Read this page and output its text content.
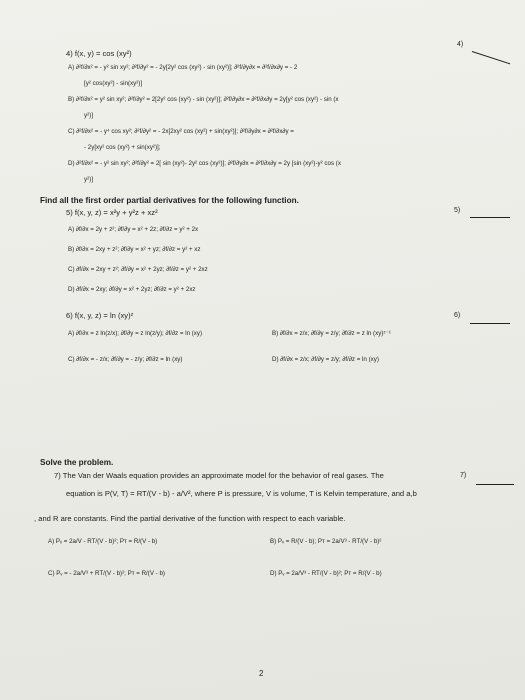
4)
4) f(x, y) = cos (xy²)
A) ∂²f/∂x² = - y² sin xy²; ∂²f/∂y² = - 2y[2y² cos (xy²) - sin (xy²)]; ∂²f/∂y∂x = ∂²f/∂x∂y = - 2
[y² cos(xy²) - sin(xy²)]
B) ∂²f/∂x² = y² sin xy²; ∂²f/∂y² = 2[2y² cos (xy²) - sin (xy²)]; ∂²f/∂y∂x = ∂²f/∂x∂y = 2y[y² cos (xy²) - sin (x
y²)]
C) ∂²f/∂x² = - y⁴ cos xy²; ∂²f/∂y² = - 2x[2xy² cos (xy²) + sin(xy²)]; ∂²f/∂y∂x = ∂²f/∂x∂y =
- 2y[xy² cos (xy²) + sin(xy²)];
D) ∂²f/∂x² = - y² sin xy²; ∂²f/∂y² = 2[ sin (xy²)- 2y² cos (xy²)]; ∂²f/∂y∂x = ∂²f/∂x∂y = 2y [sin (xy²)-y² cos (x
y²)]
Find all the first order partial derivatives for the following function.
5) f(x, y, z) = x²y + y²z + xz²	5)
A) ∂f/∂x = 2y + z²; ∂f/∂y = x² + 2z; ∂f/∂z = y² + 2x
B) ∂f/∂x = 2xy + z²; ∂f/∂y = x² + yz; ∂f/∂z = y² + xz
C) ∂f/∂x = 2xy + z²; ∂f/∂y = x² + 2yz; ∂f/∂z = y² + 2xz
D) ∂f/∂x = 2xy; ∂f/∂y = x² + 2yz; ∂f/∂z = y² + 2xz
6) f(x, y, z) = ln (xy)ᶻ	6)
A) ∂f/∂x = z ln(z/x); ∂f/∂y = z ln(z/y); ∂f/∂z = ln (xy)	B) ∂f/∂x = z/x; ∂f/∂y = z/y; ∂f/∂z = z ln (xy)ᶻ⁻¹
C) ∂f/∂x = - z/x; ∂f/∂y = - z/y; ∂f/∂z = ln (xy)	D) ∂f/∂x = z/x; ∂f/∂y = z/y; ∂f/∂z = ln (xy)
Solve the problem.
7) The Van der Waals equation provides an approximate model for the behavior of real gases. The	7)
equation is P(V, T) = RT/(V - b) - a/V², where P is pressure, V is volume, T is Kelvin temperature, and a,b
, and R are constants. Find the partial derivative of the function with respect to each variable.
A) Pᵥ = 2a/V - RT/(V - b)²; Pᴛ = R/(V - b)	B) Pᵥ = R/(V - b); Pᴛ = 2a/V³ - RT/(V - b)²
C) Pᵥ = - 2a/V³ + RT/(V - b)²; Pᴛ = R/(V - b)	D) Pᵥ = 2a/V³ - RT/(V - b)²; Pᴛ = R/(V - b)
2
